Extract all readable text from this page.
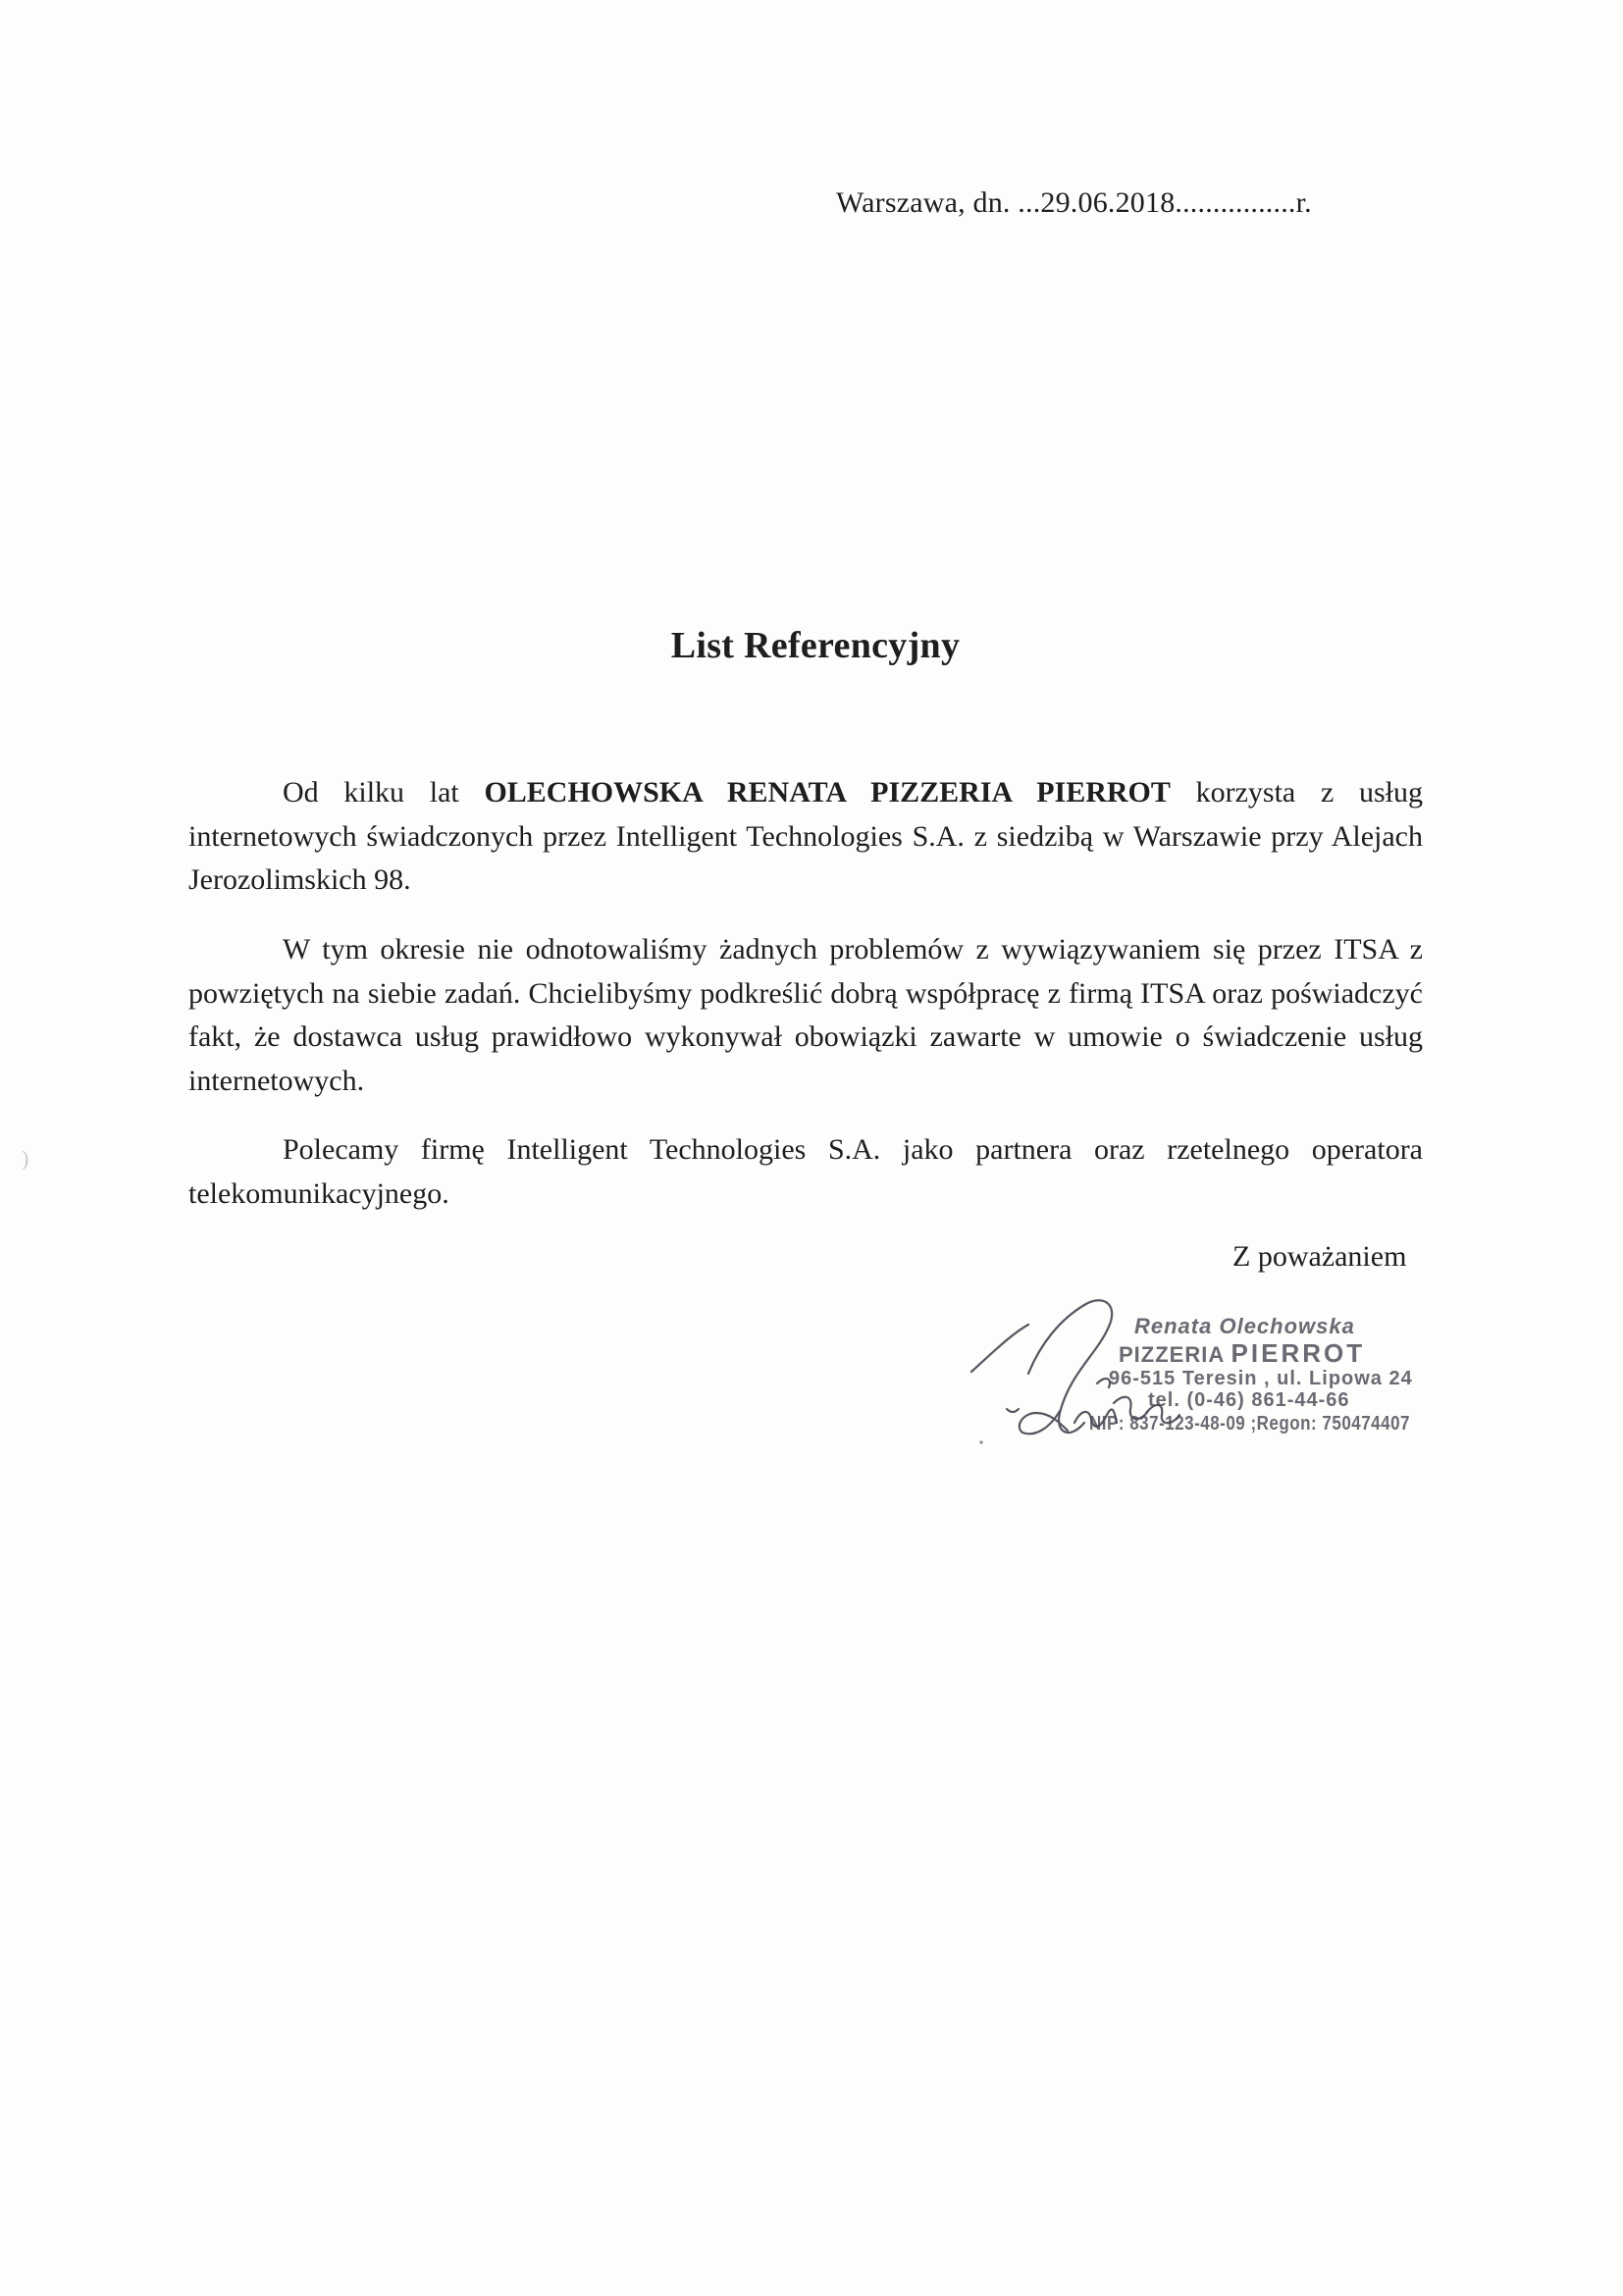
)
Warszawa, dn. ...29.06.2018................r.
List Referencyjny

Od kilku lat OLECHOWSKA RENATA PIZZERIA PIERROT korzysta z usług internetowych świadczonych przez Intelligent Technologies S.A. z siedzibą w Warszawie przy Alejach Jerozolimskich 98.

W tym okresie nie odnotowaliśmy żadnych problemów z wywiązywaniem się przez ITSA z powziętych na siebie zadań. Chcielibyśmy podkreślić dobrą współpracę z firmą ITSA oraz poświadczyć fakt, że dostawca usług prawidłowo wykonywał obowiązki zawarte w umowie o świadczenie usług internetowych.

Polecamy firmę Intelligent Technologies S.A. jako partnera oraz rzetelnego operatora telekomunikacyjnego.

Z poważaniem
Renata Olechowska
PIZZERIA PIERROT
96-515 Teresin , ul. Lipowa 24
tel. (0-46) 861-44-66
NIP: 837-123-48-09 ;Regon: 750474407
